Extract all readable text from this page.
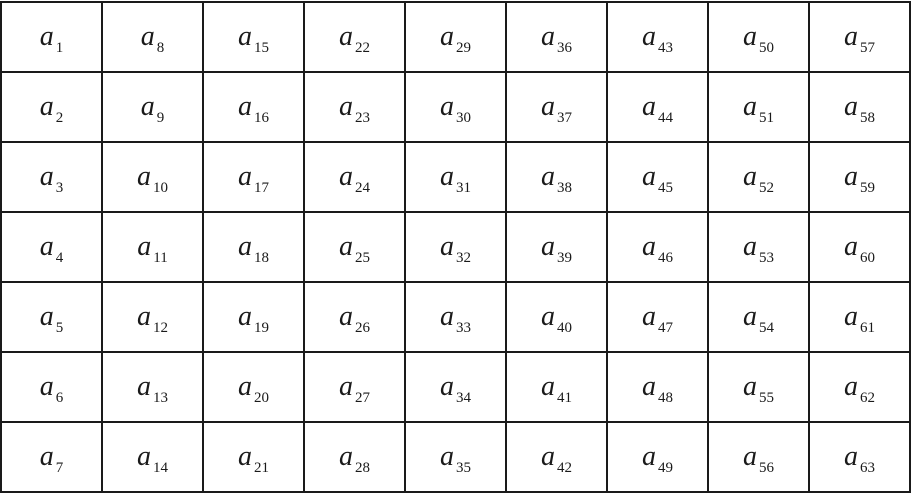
a 1	a 8	a 15	a 22	a 29	a 36	a 43	a 50	a 57
a 2	a 9	a 16	a 23	a 30	a 37	a 44	a 51	a 58
a 3	a 10	a 17	a 24	a 31	a 38	a 45	a 52	a 59
a 4	a 11	a 18	a 25	a 32	a 39	a 46	a 53	a 60
a 5	a 12	a 19	a 26	a 33	a 40	a 47	a 54	a 61
a 6	a 13	a 20	a 27	a 34	a 41	a 48	a 55	a 62
a 7	a 14	a 21	a 28	a 35	a 42	a 49	a 56	a 63
